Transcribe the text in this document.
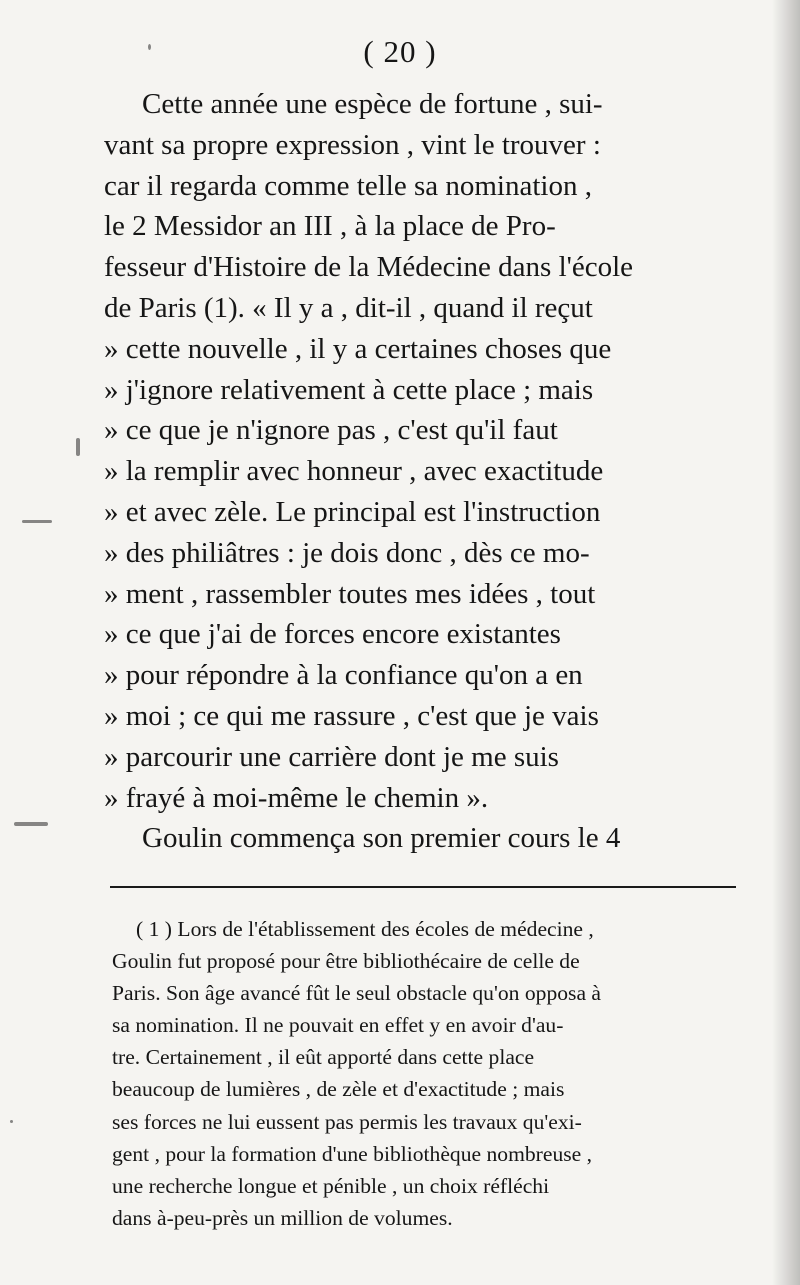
( 20 )
Cette année une espèce de fortune , sui-
vant sa propre expression , vint le trouver :
car il regarda comme telle sa nomination ,
le 2 Messidor an III , à la place de Pro-
fesseur d'Histoire de la Médecine dans l'école
de Paris (1). « Il y a , dit-il , quand il reçut
» cette nouvelle , il y a certaines choses que
» j'ignore relativement à cette place ; mais
» ce que je n'ignore pas , c'est qu'il faut
» la remplir avec honneur , avec exactitude
» et avec zèle. Le principal est l'instruction
» des philiâtres : je dois donc , dès ce mo-
» ment , rassembler toutes mes idées , tout
» ce que j'ai de forces encore existantes
» pour répondre à la confiance qu'on a en
» moi ; ce qui me rassure , c'est que je vais
» parcourir une carrière dont je me suis
» frayé à moi-même le chemin ».
Goulin commença son premier cours le 4
( 1 ) Lors de l'établissement des écoles de médecine ,
Goulin fut proposé pour être bibliothécaire de celle de
Paris. Son âge avancé fût le seul obstacle qu'on opposa à
sa nomination. Il ne pouvait en effet y en avoir d'au-
tre. Certainement , il eût apporté dans cette place
beaucoup de lumières , de zèle et d'exactitude ; mais
ses forces ne lui eussent pas permis les travaux qu'exi-
gent , pour la formation d'une bibliothèque nombreuse ,
une recherche longue et pénible , un choix réfléchi
dans à-peu-près un million de volumes.
